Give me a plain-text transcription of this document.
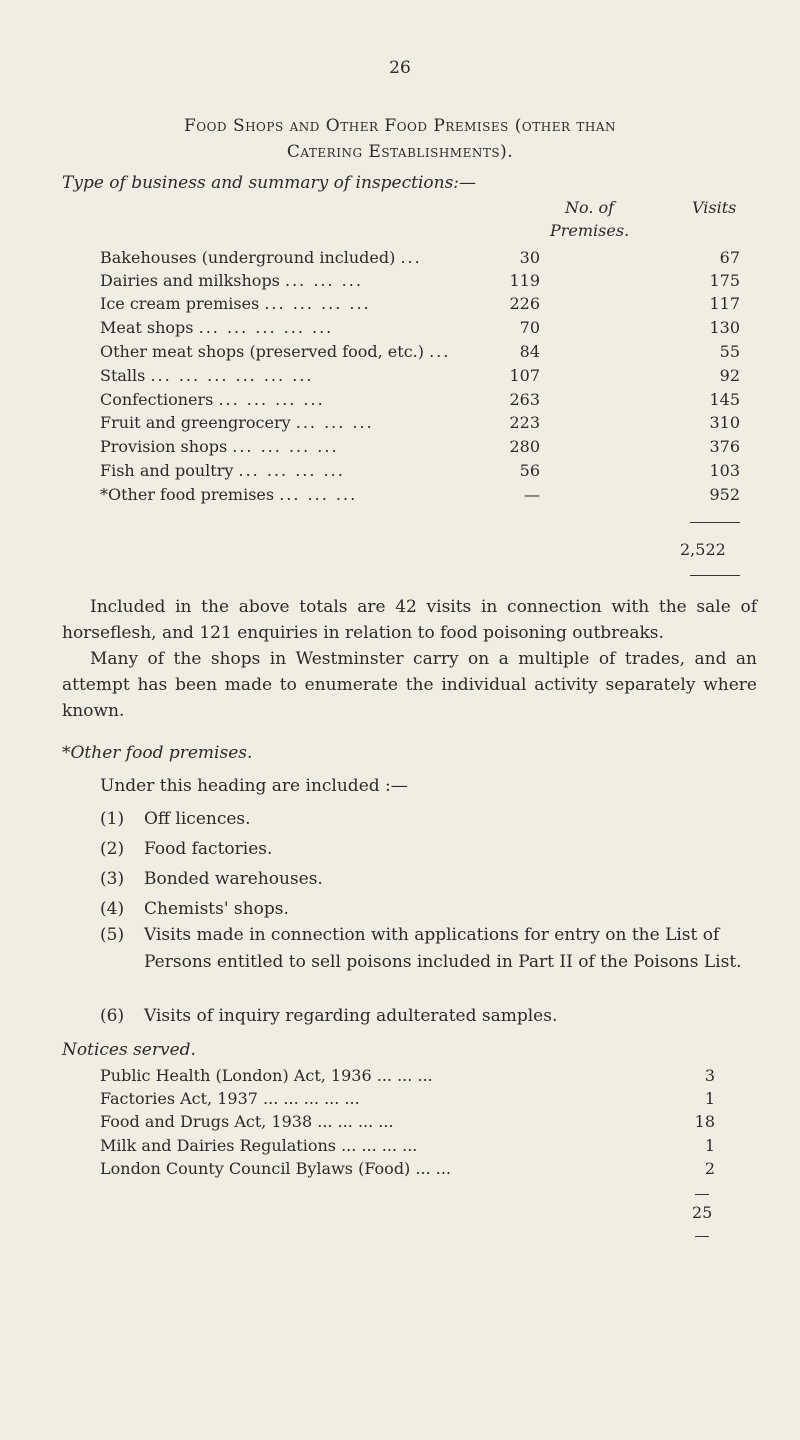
26
Food Shops and Other Food Premises (other than
Catering Establishments).
Type of business and summary of inspections:—
No. of
Premises.
Visits
Bakehouses (underground included) ...	30	67
Dairies and milkshops ... ... ...	119	175
Ice cream premises ... ... ... ...	226	117
Meat shops ... ... ... ... ...	70	130
Other meat shops (preserved food, etc.) ...	84	55
Stalls ... ... ... ... ... ...	107	92
Confectioners ... ... ... ...	263	145
Fruit and greengrocery ... ... ...	223	310
Provision shops ... ... ... ...	280	376
Fish and poultry ... ... ... ...	56	103
*Other food premises ... ... ...	—	952
2,522
Included in the above totals are 42 visits in connection with the sale of horseflesh, and 121 enquiries in relation to food poisoning outbreaks.
Many of the shops in Westminster carry on a multiple of trades, and an attempt has been made to enumerate the individual activity separately where known.
*Other food premises.
Under this heading are included :—
(1) Off licences.
(2) Food factories.
(3) Bonded warehouses.
(4) Chemists' shops.
(5) Visits made in connection with applications for entry on the List of Persons entitled to sell poisons included in Part II of the Poisons List.
(6) Visits of inquiry regarding adulterated samples.
Notices served.
Public Health (London) Act, 1936 ... ... ...	3
Factories Act, 1937 ... ... ... ... ...	1
Food and Drugs Act, 1938 ... ... ... ...	18
Milk and Dairies Regulations ... ... ... ...	1
London County Council Bylaws (Food) ... ...	2
25
